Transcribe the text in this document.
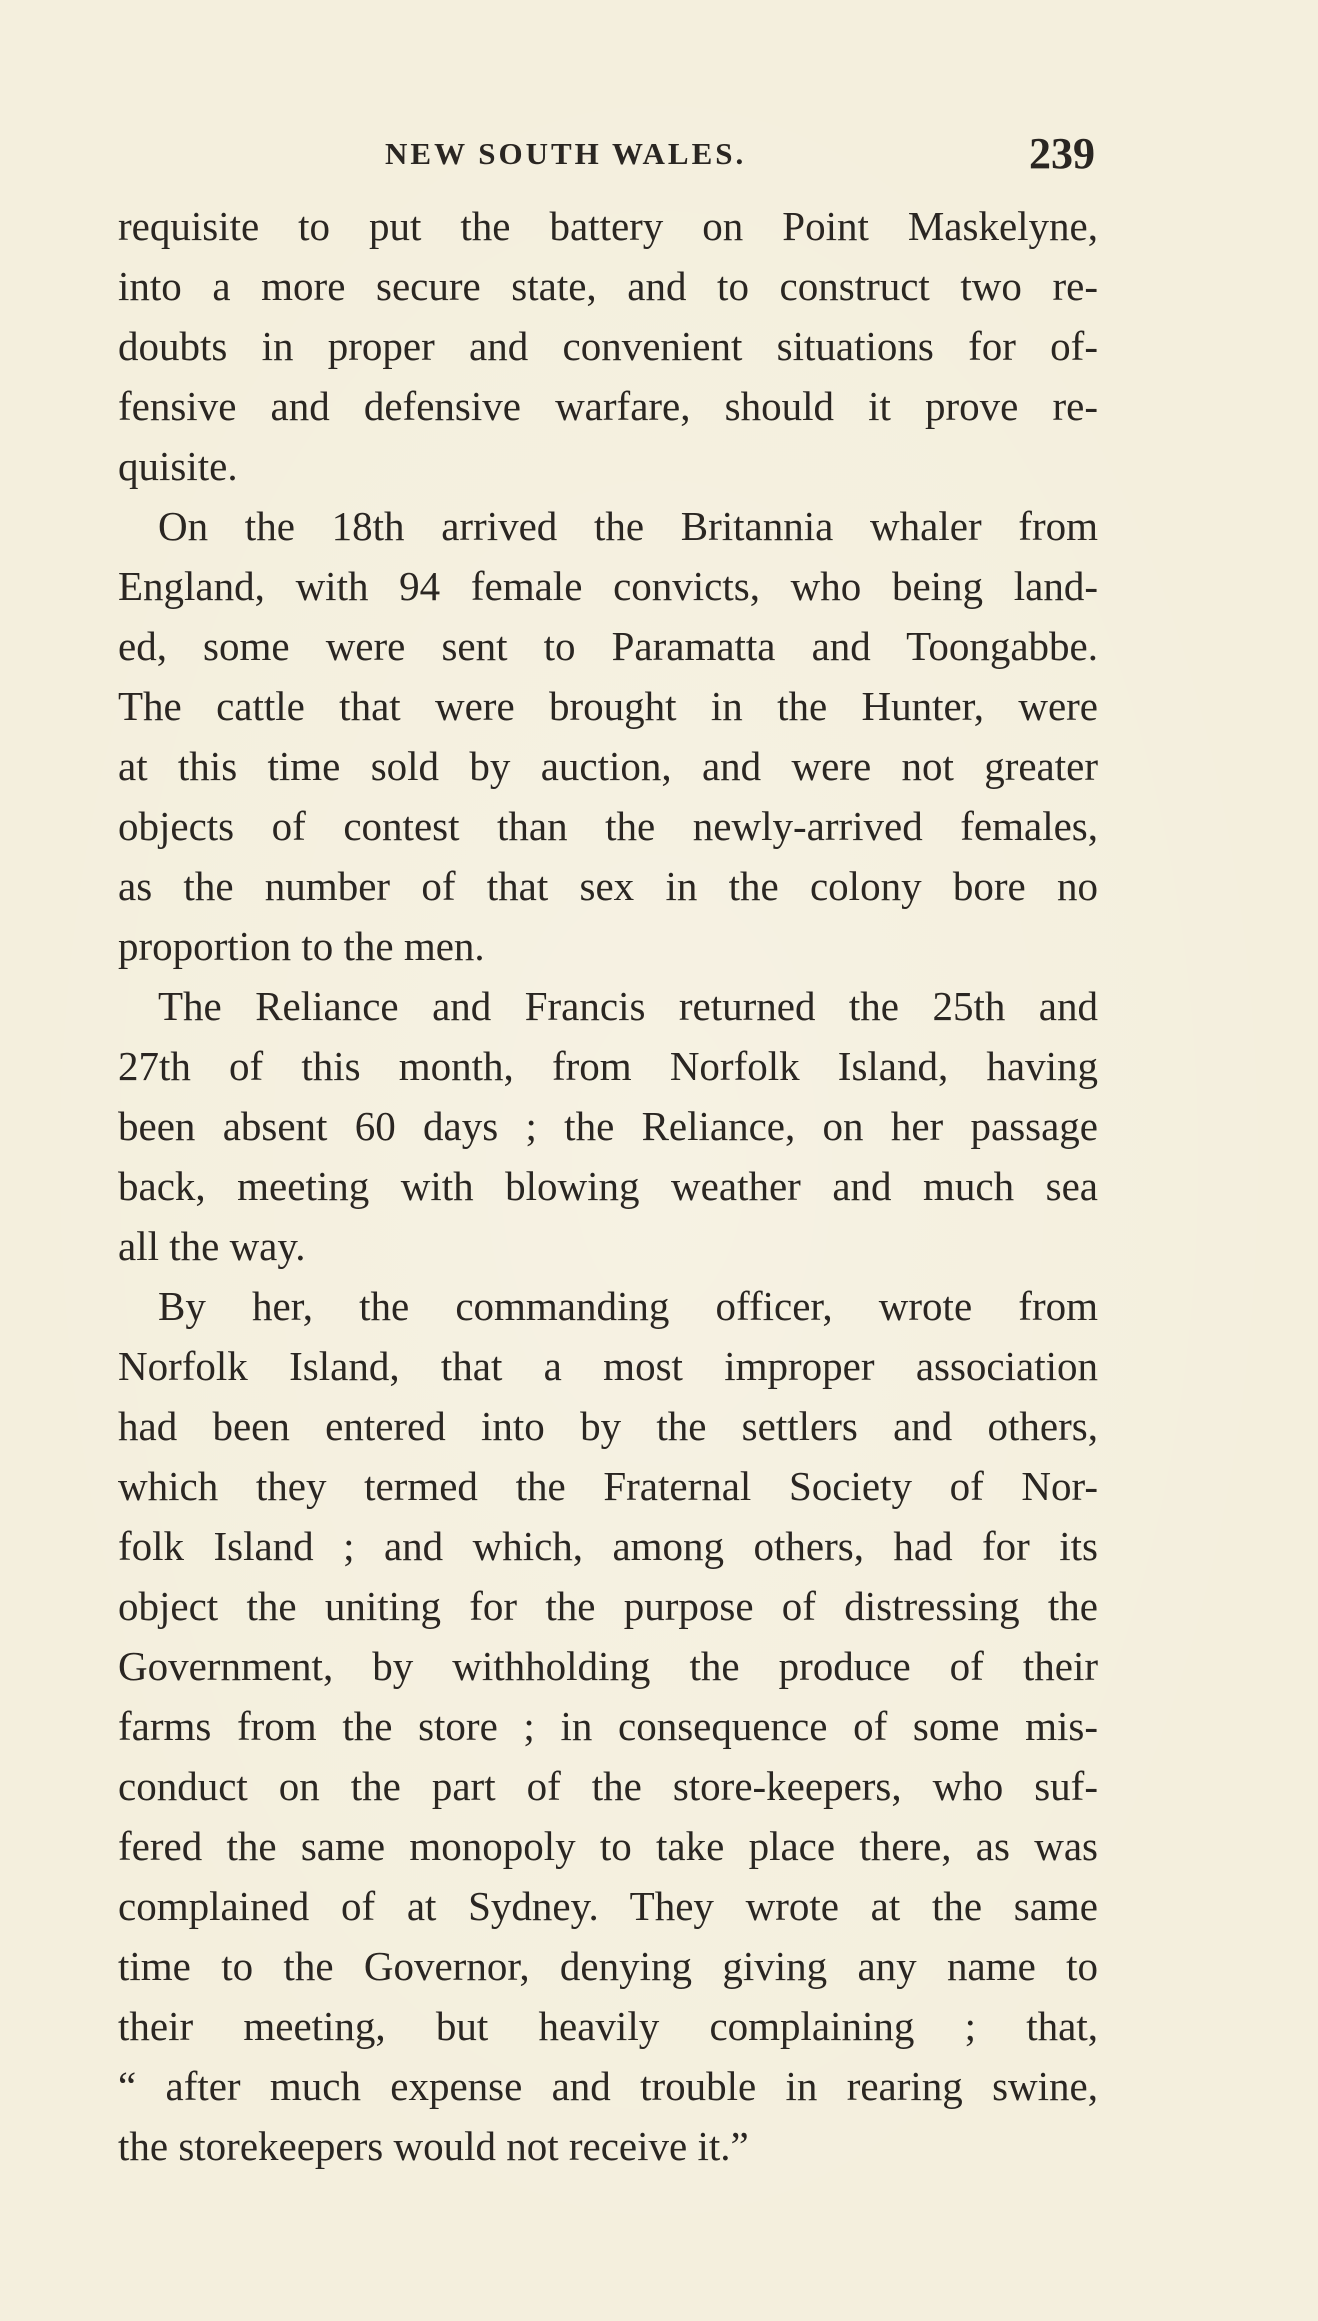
NEW SOUTH WALES.	239
requisite to put the battery on Point Maskelyne,
into a more secure state, and to construct two re-
doubts in proper and convenient situations for of-
fensive and defensive warfare, should it prove re-
quisite.
On the 18th arrived the Britannia whaler from
England, with 94 female convicts, who being land-
ed, some were sent to Paramatta and Toongabbe.
The cattle that were brought in the Hunter, were
at this time sold by auction, and were not greater
objects of contest than the newly-arrived females,
as the number of that sex in the colony bore no
proportion to the men.
The Reliance and Francis returned the 25th and
27th of this month, from Norfolk Island, having
been absent 60 days ; the Reliance, on her passage
back, meeting with blowing weather and much sea
all the way.
By her, the commanding officer, wrote from
Norfolk Island, that a most improper association
had been entered into by the settlers and others,
which they termed the Fraternal Society of Nor-
folk Island ; and which, among others, had for its
object the uniting for the purpose of distressing the
Government, by withholding the produce of their
farms from the store ; in consequence of some mis-
conduct on the part of the store-keepers, who suf-
fered the same monopoly to take place there, as was
complained of at Sydney. They wrote at the same
time to the Governor, denying giving any name to
their meeting, but heavily complaining ; that,
“ after much expense and trouble in rearing swine,
the storekeepers would not receive it.”
